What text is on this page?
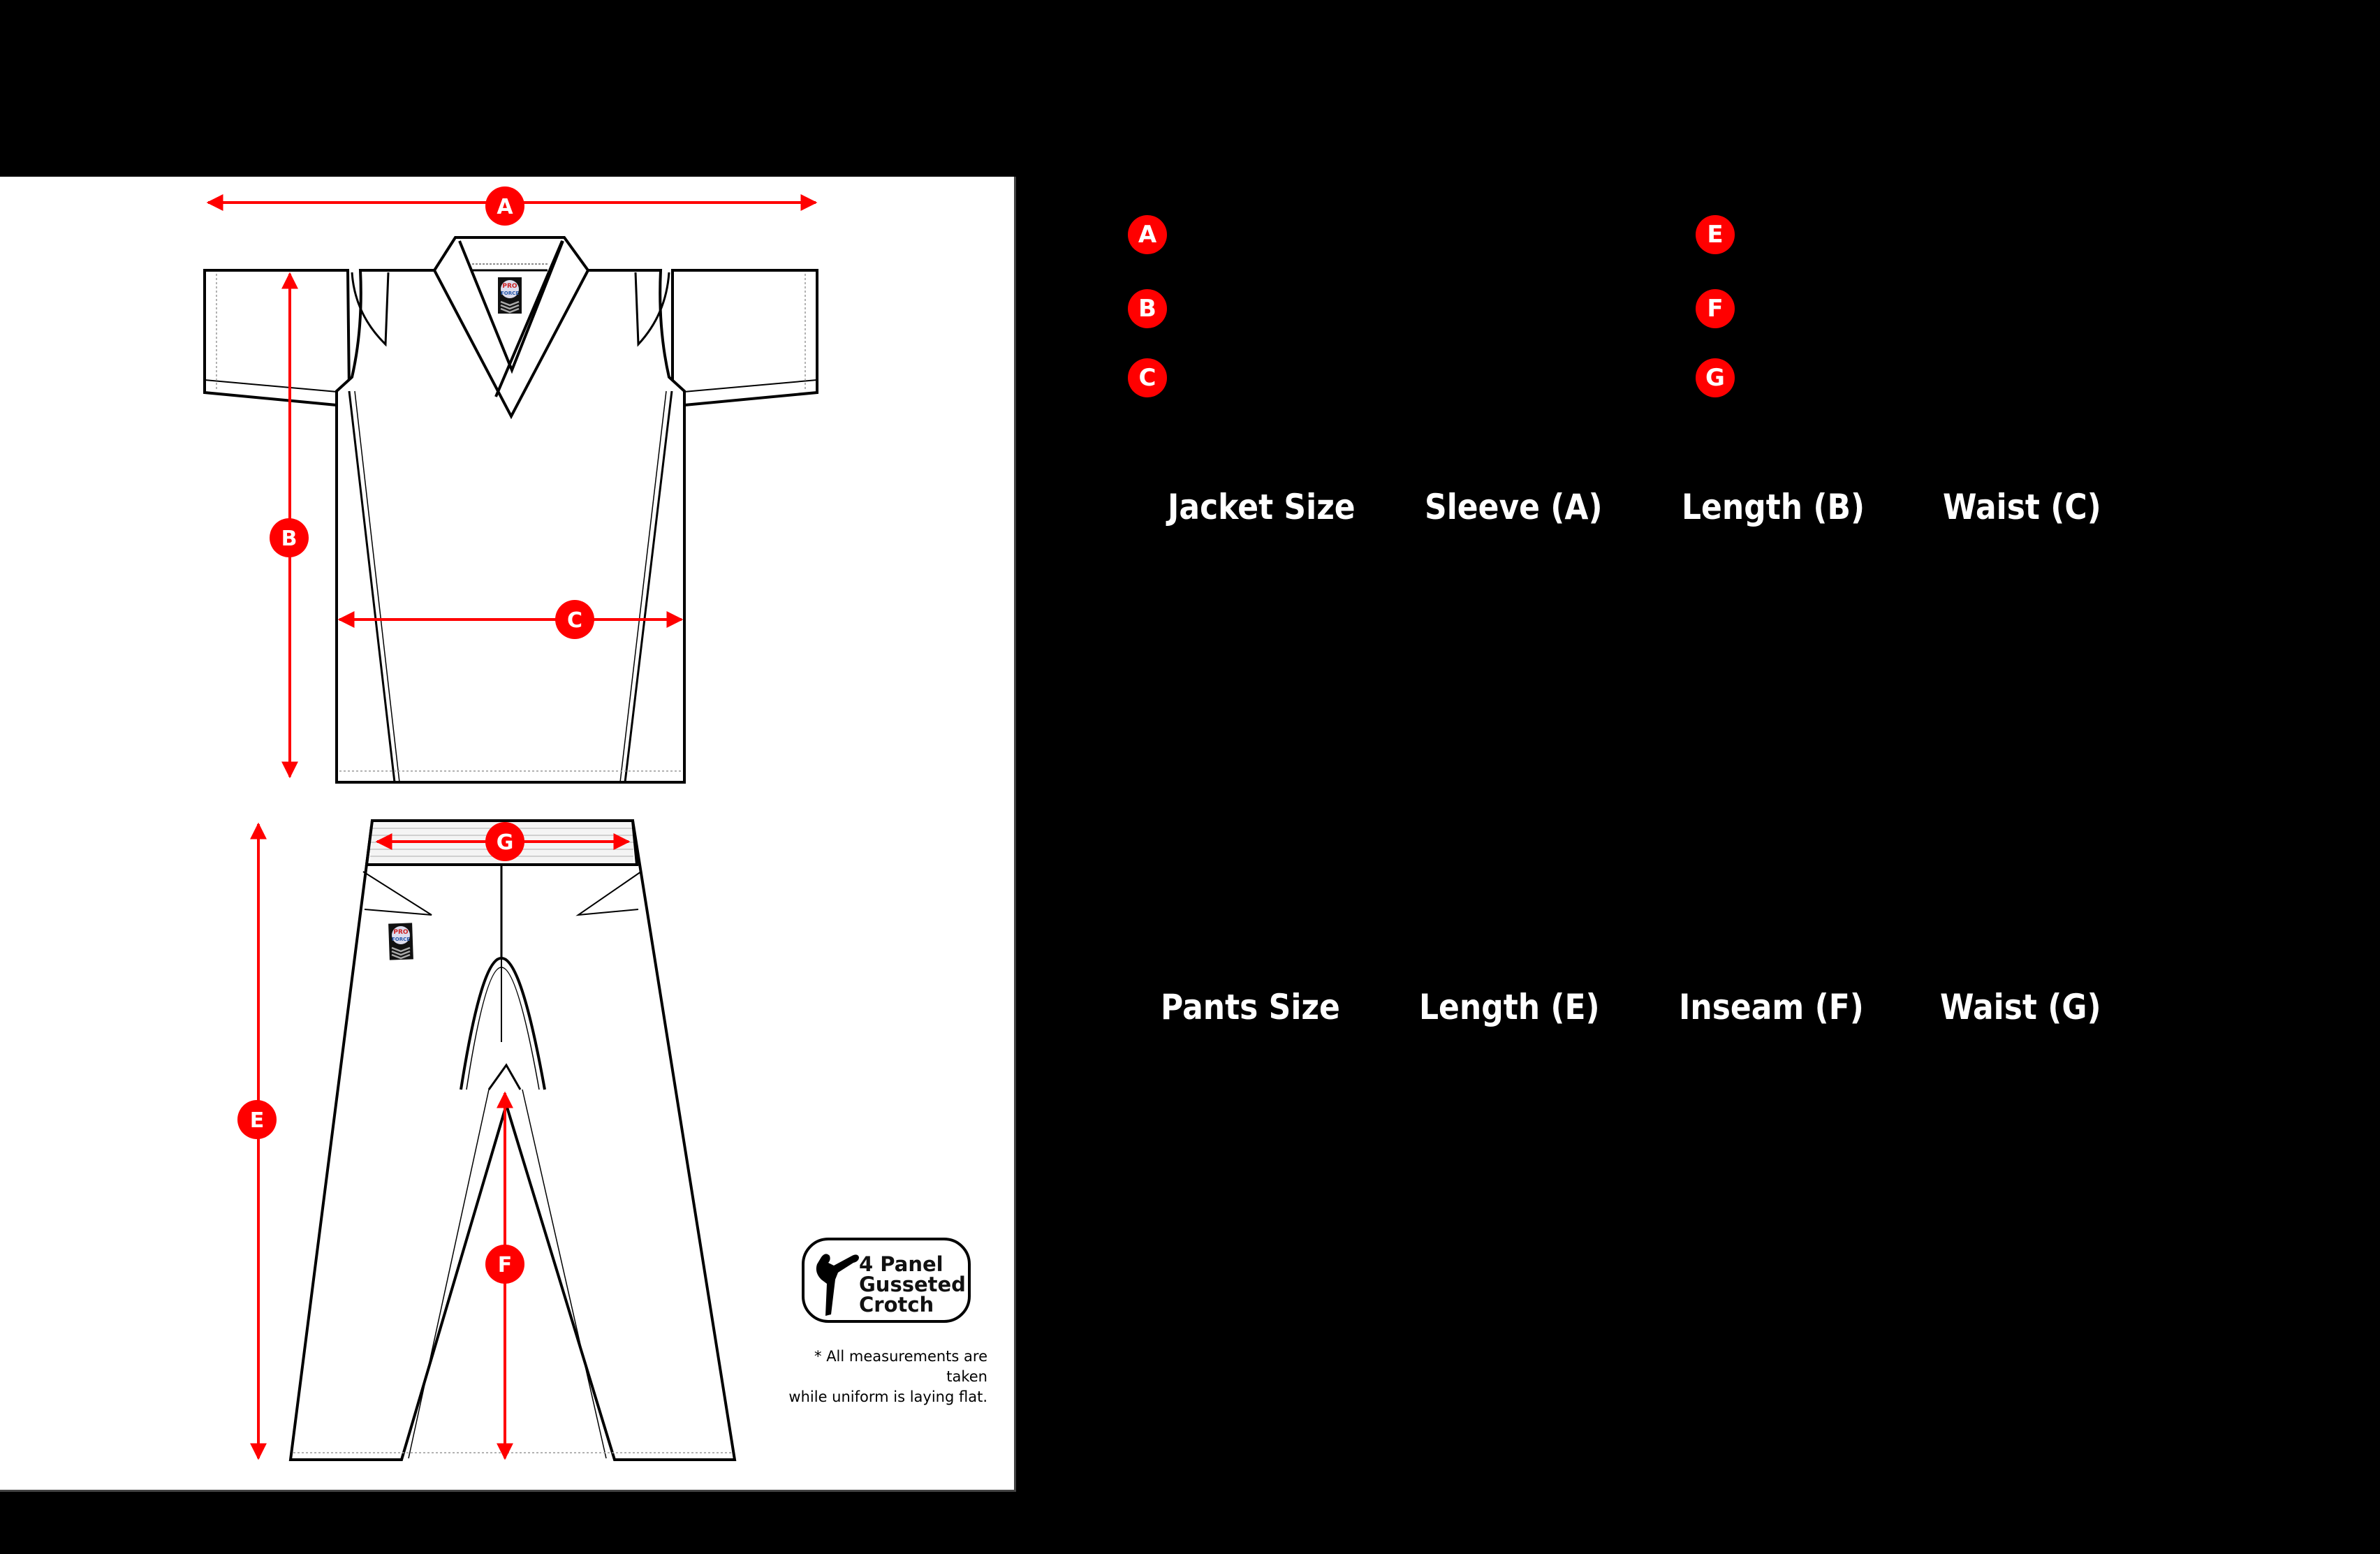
PRO
FORCE
PRO
FORCE
A
B
C
G
E
F	4 Panel
Gusseted
Crotch
* All measurements are taken
while uniform is laying flat.
A
B
C
E
F
G
Jacket Size Sleeve (A) Length (B) Waist (C)
Pants Size Length (E) Inseam (F) Waist (G)
